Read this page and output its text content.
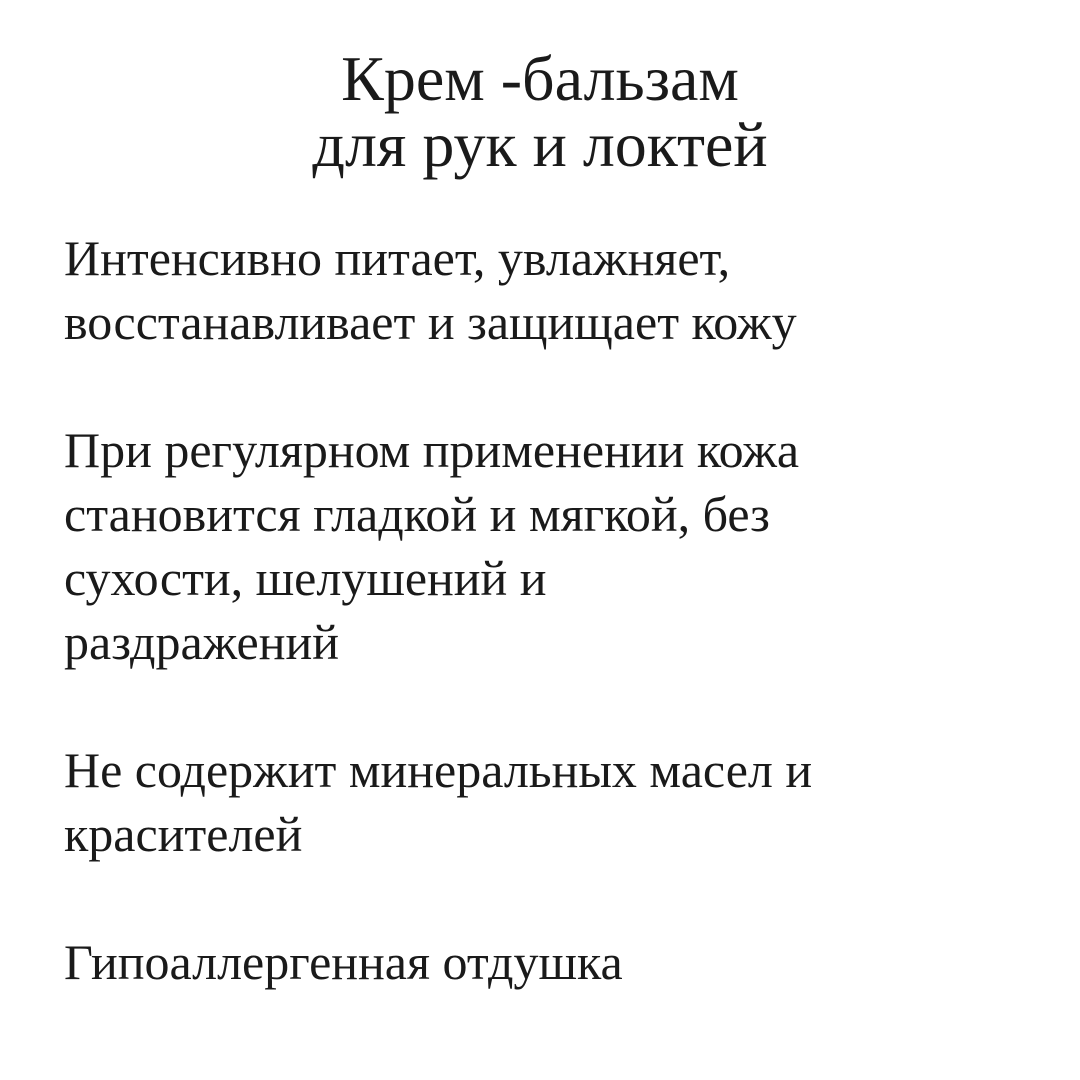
Крем -бальзам
для рук и локтей

Интенсивно питает, увлажняет,
восстанавливает и защищает кожу

При регулярном применении кожа
становится гладкой и мягкой, без
сухости, шелушений и
раздражений

Не содержит минеральных масел и
красителей

Гипоаллергенная отдушка
